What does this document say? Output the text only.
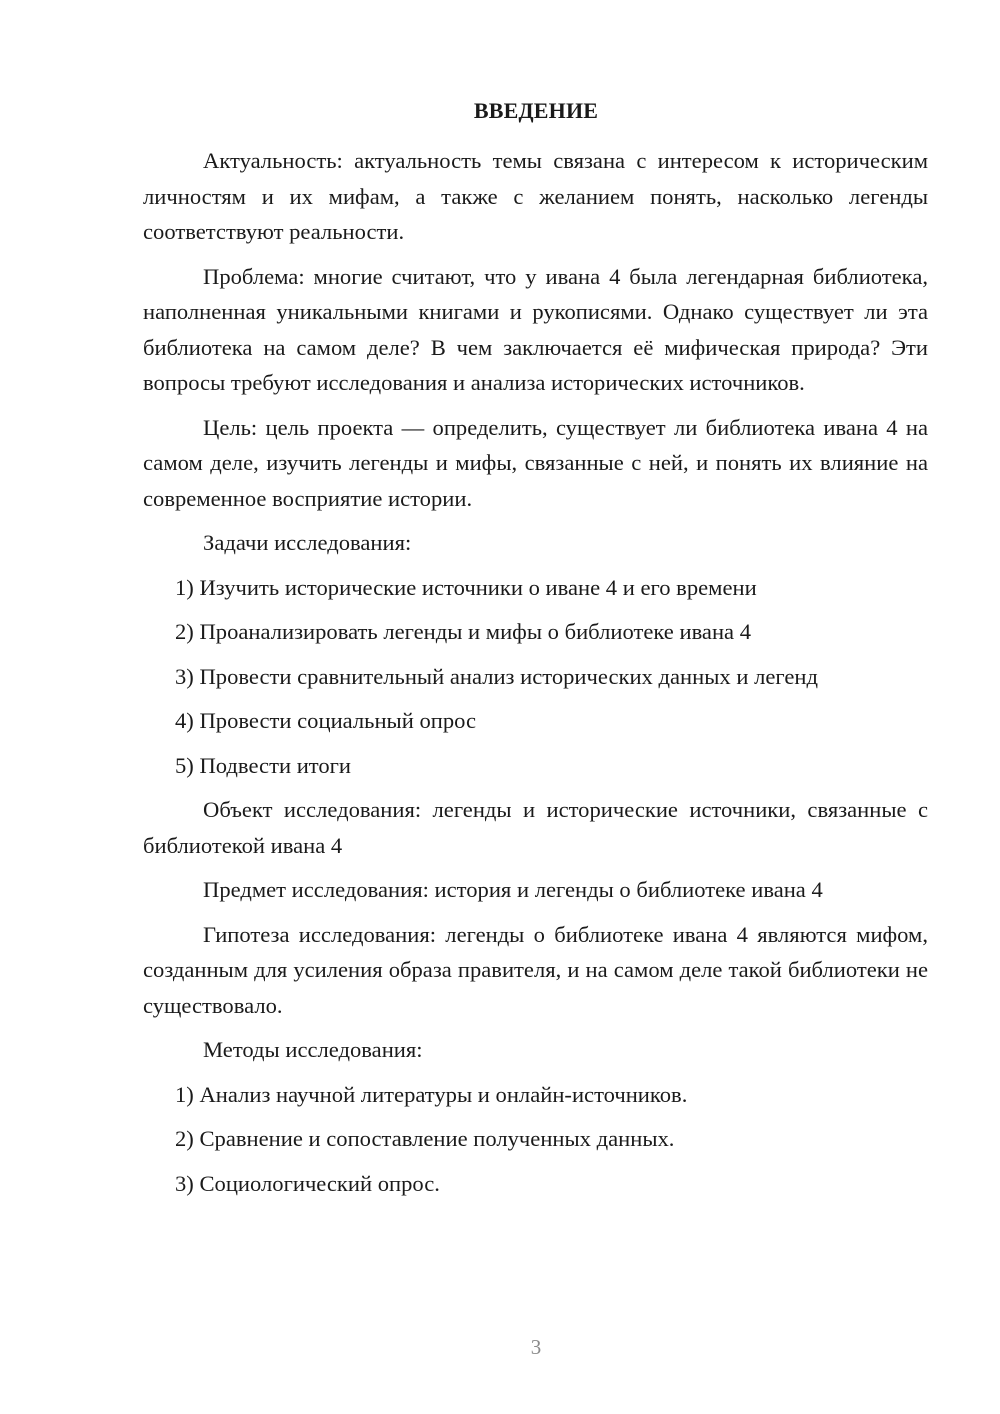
ВВЕДЕНИЕ

Актуальность: актуальность темы связана с интересом к историческим личностям и их мифам, а также с желанием понять, насколько легенды соответствуют реальности.

Проблема: многие считают, что у ивана 4 была легендарная библиотека, наполненная уникальными книгами и рукописями. Однако существует ли эта библиотека на самом деле? В чем заключается её мифическая природа? Эти вопросы требуют исследования и анализа исторических источников.

Цель: цель проекта — определить, существует ли библиотека ивана 4 на самом деле, изучить легенды и мифы, связанные с ней, и понять их влияние на современное восприятие истории.

Задачи исследования:

1) Изучить исторические источники о иване 4 и его времени

2) Проанализировать легенды и мифы о библиотеке ивана 4

3) Провести сравнительный анализ исторических данных и легенд

4) Провести социальный опрос

5) Подвести итоги

Объект исследования: легенды и исторические источники, связанные с библиотекой ивана 4

Предмет исследования: история и легенды о библиотеке ивана 4

Гипотеза исследования: легенды о библиотеке ивана 4 являются мифом, созданным для усиления образа правителя, и на самом деле такой библиотеки не существовало.

Методы исследования:

1) Анализ научной литературы и онлайн-источников.

2) Сравнение и сопоставление полученных данных.

3) Социологический опрос.

3
